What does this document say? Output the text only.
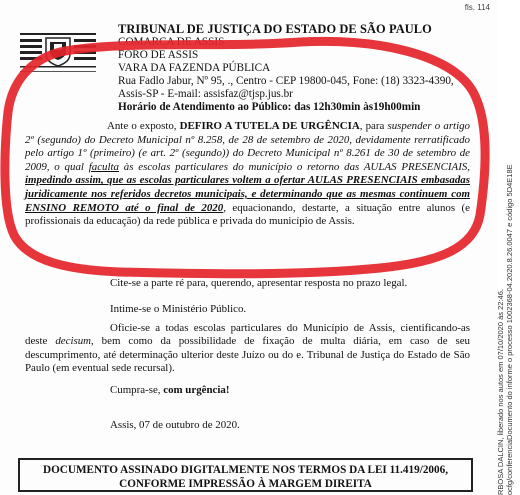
fls. 114
TRIBUNAL DE JUSTIÇA DO ESTADO DE SÃO PAULO
COMARCA DE ASSIS
FORO DE ASSIS
VARA DA FAZENDA PÚBLICA
Rua Fadlo Jabur, Nº 95, ., Centro - CEP 19800-045, Fone: (18) 3323-4390,
Assis-SP - E-mail: assisfaz@tjsp.jus.br
Horário de Atendimento ao Público: das 12h30min às19h00min

Ante o exposto, DEFIRO A TUTELA DE URGÊNCIA, para suspender o artigo 2º (segundo) do Decreto Municipal nº 8.258, de 28 de setembro de 2020, devidamente rerratificado pelo artigo 1º (primeiro) (e art. 2º (segundo)) do Decreto Municipal nº 8.261 de 30 de setembro de 2009, o qual faculta às escolas particulares do município o retorno das AULAS PRESENCIAIS, impedindo assim, que as escolas particulares voltem a ofertar AULAS PRESENCIAIS embasadas juridicamente nos referidos decretos municipais, e determinando que as mesmas continuem com ENSINO REMOTO até o final de 2020, equacionando, destarte, a situação entre alunos (e profissionais da educação) da rede pública e privada do município de Assis.

Cite-se a parte ré para, querendo, apresentar resposta no prazo legal.
Intime-se o Ministério Público.
Oficie-se a todas escolas particulares do Município de Assis, cientificando-as deste decisum, bem como da possibilidade de fixação de multa diária, em caso de seu descumprimento, até determinação ulterior deste Juízo ou do e. Tribunal de Justiça do Estado de São Paulo (em eventual sede recursal).
Cumpra-se, com urgência!
Assis, 07 de outubro de 2020.
DOCUMENTO ASSINADO DIGITALMENTE NOS TERMOS DA LEI 11.419/2006,
CONFORME IMPRESSÃO À MARGEM DIREITA	RBOSA DALCIN, liberado nos autos em 07/10/2020 às 22:46. ocfg/conferenciaDocumento do informe o processo 1002368-04.2020.8.26.0047 e código 5D4E18E
